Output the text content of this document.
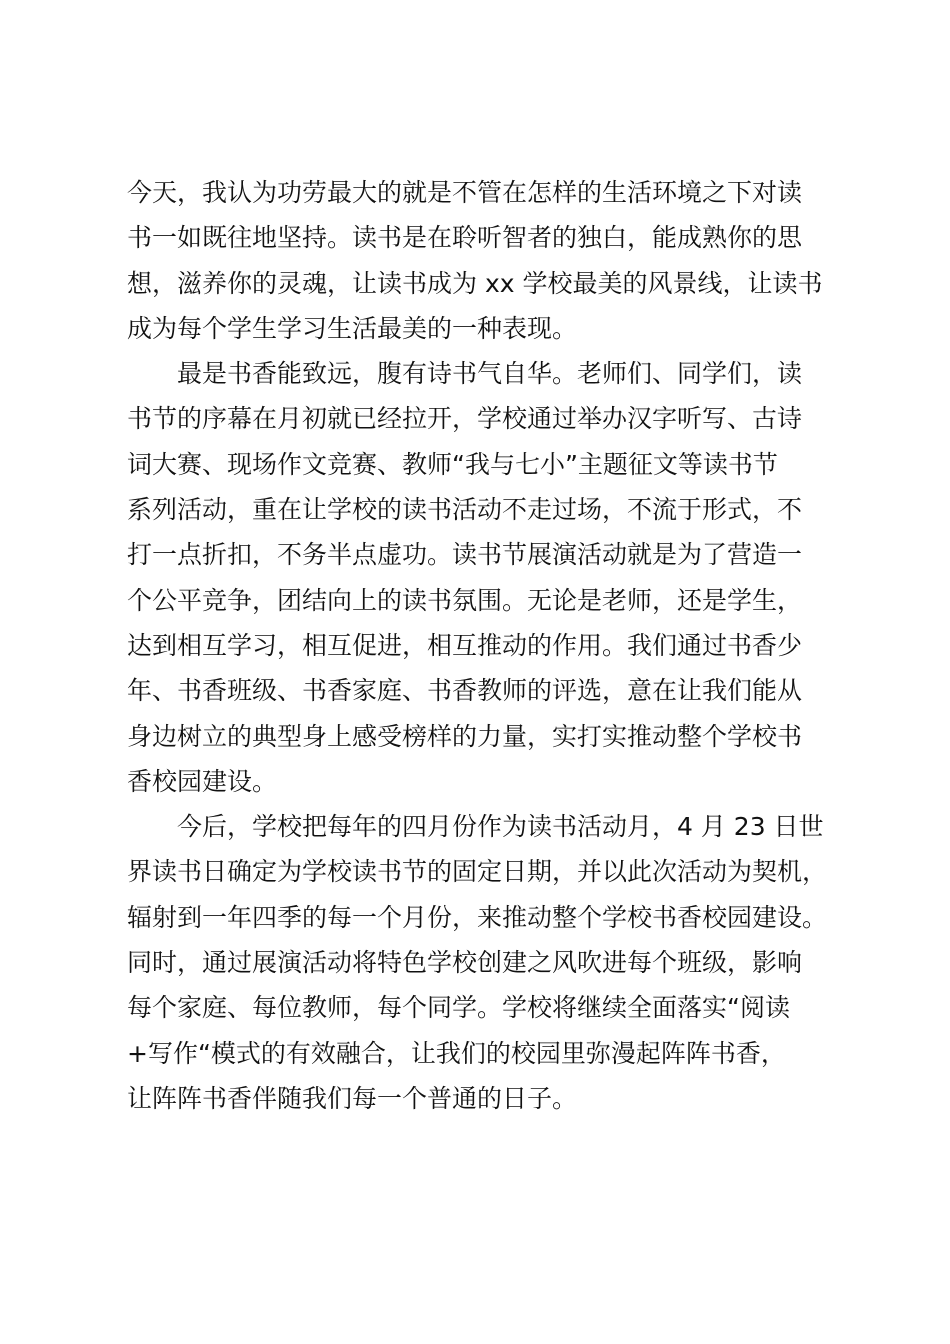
今天，我认为功劳最大的就是不管在怎样的生活环境之下对读
书一如既往地坚持。读书是在聆听智者的独白，能成熟你的思
想，滋养你的灵魂，让读书成为 xx 学校最美的风景线，让读书
成为每个学生学习生活最美的一种表现。
最是书香能致远，腹有诗书气自华。老师们、同学们，读
书节的序幕在月初就已经拉开，学校通过举办汉字听写、古诗
词大赛、现场作文竞赛、教师“我与七小”主题征文等读书节
系列活动，重在让学校的读书活动不走过场，不流于形式，不
打一点折扣，不务半点虚功。读书节展演活动就是为了营造一
个公平竞争，团结向上的读书氛围。无论是老师，还是学生，
达到相互学习，相互促进，相互推动的作用。我们通过书香少
年、书香班级、书香家庭、书香教师的评选，意在让我们能从
身边树立的典型身上感受榜样的力量，实打实推动整个学校书
香校园建设。
今后，学校把每年的四月份作为读书活动月，4 月 23 日世
界读书日确定为学校读书节的固定日期，并以此次活动为契机，
辐射到一年四季的每一个月份，来推动整个学校书香校园建设。
同时，通过展演活动将特色学校创建之风吹进每个班级，影响
每个家庭、每位教师，每个同学。学校将继续全面落实“阅读
+写作“模式的有效融合，让我们的校园里弥漫起阵阵书香，
让阵阵书香伴随我们每一个普通的日子。
